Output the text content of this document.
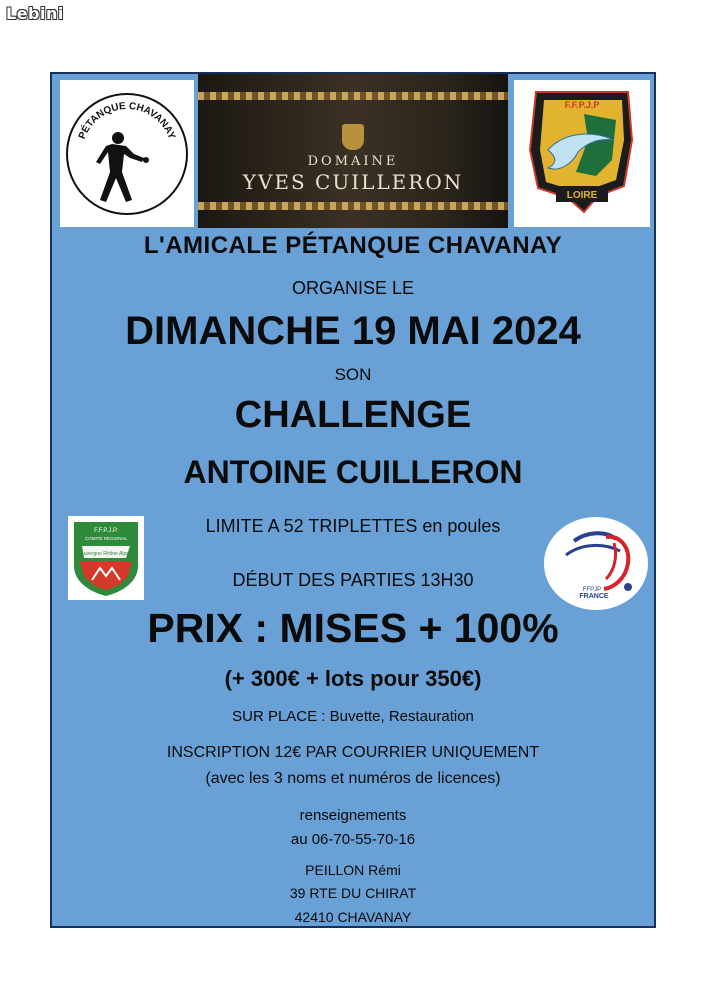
Lebini
PÉTANQUE CHAVANAY
DOMAINE
YVES CUILLERON
F.F.P.J.P
LOIRE
L'AMICALE PÉTANQUE CHAVANAY
ORGANISE LE
DIMANCHE 19 MAI 2024
SON
CHALLENGE
ANTOINE CUILLERON
F.F.P.J.P.
COMITÉ RÉGIONAL
Auvergne Rhône Alpes
FFPJP
FRANCE
LIMITE A 52 TRIPLETTES en poules
DÉBUT DES PARTIES 13H30
PRIX : MISES + 100%
(+ 300€ + lots pour 350€)
SUR PLACE : Buvette, Restauration
INSCRIPTION 12€ PAR COURRIER UNIQUEMENT
(avec les 3 noms et numéros de licences)
renseignements
au 06-70-55-70-16
PEILLON Rémi
39 RTE DU CHIRAT
42410 CHAVANAY
